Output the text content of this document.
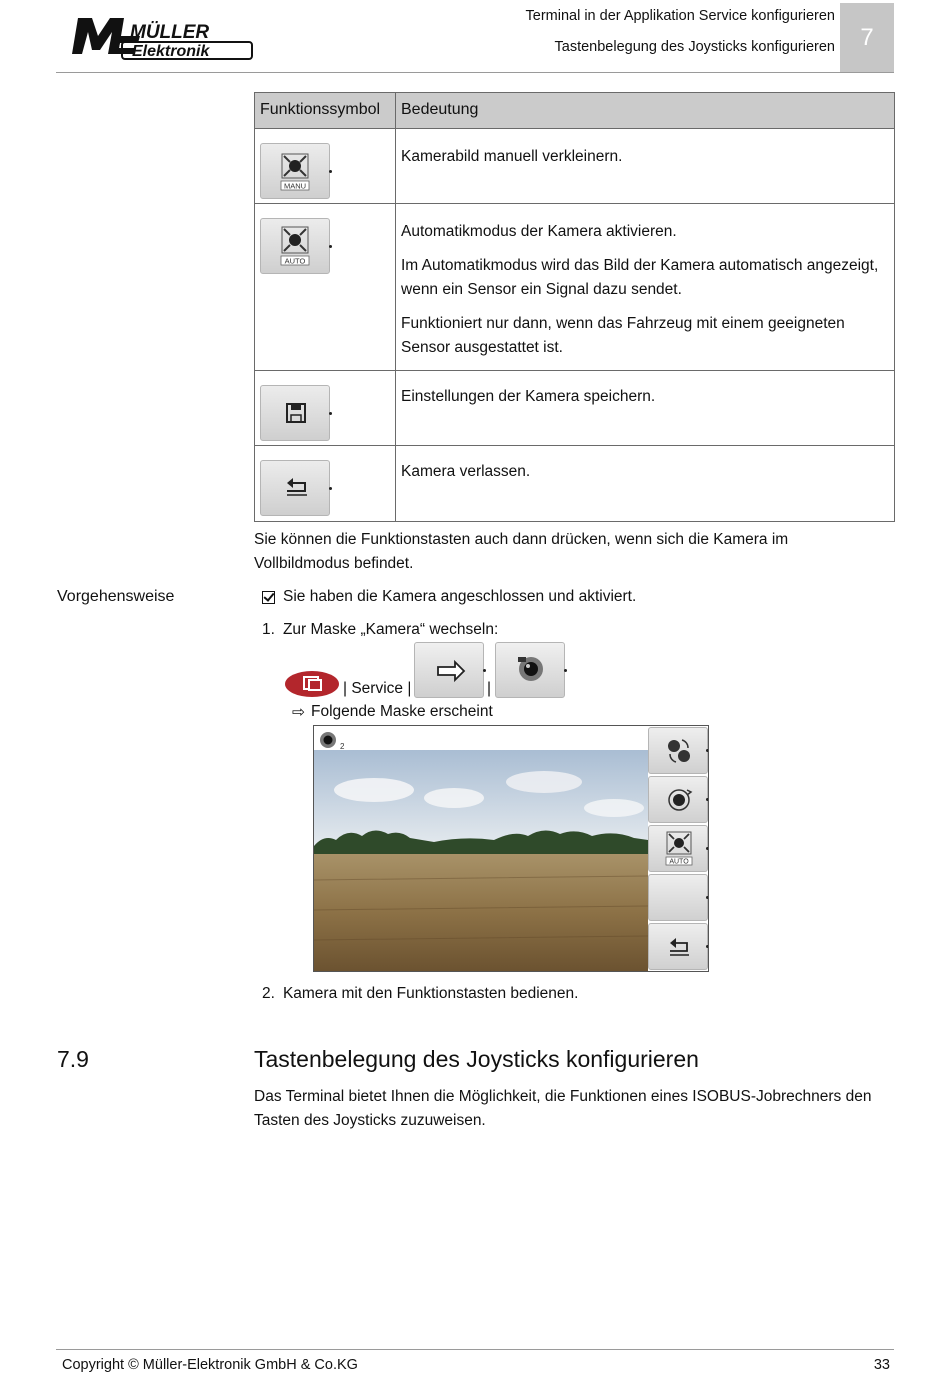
MÜLLER
Elektronik
Terminal in der Applikation Service konfigurieren
Tastenbelegung des Joysticks konfigurieren	7
Funktionssymbol	Bedeutung

MANU	Kamerabild manuell verkleinern.

AUTO	Automatikmodus der Kamera aktivieren.

Im Automatikmodus wird das Bild der Kamera automatisch angezeigt, wenn ein Sensor ein Signal dazu sendet.

Funktioniert nur dann, wenn das Fahrzeug mit einem geeigneten Sensor ausgestattet ist.

Einstellungen der Kamera speichern.

Kamera verlassen.

Sie können die Funktionstasten auch dann drücken, wenn sich die Kamera im Vollbildmodus befindet.
Vorgehensweise	Sie haben die Kamera angeschlossen und aktiviert.
1. Zur Maske „Kamera“ wechseln:
| Service |	|
⇨ Folgende Maske erscheint
2
AUTO
2. Kamera mit den Funktionstasten bedienen.
7.9	Tastenbelegung des Joysticks konfigurieren
Das Terminal bietet Ihnen die Möglichkeit, die Funktionen eines ISOBUS-Jobrechners den Tasten des Joysticks zuzuweisen.
Copyright © Müller-Elektronik GmbH & Co.KG	33
